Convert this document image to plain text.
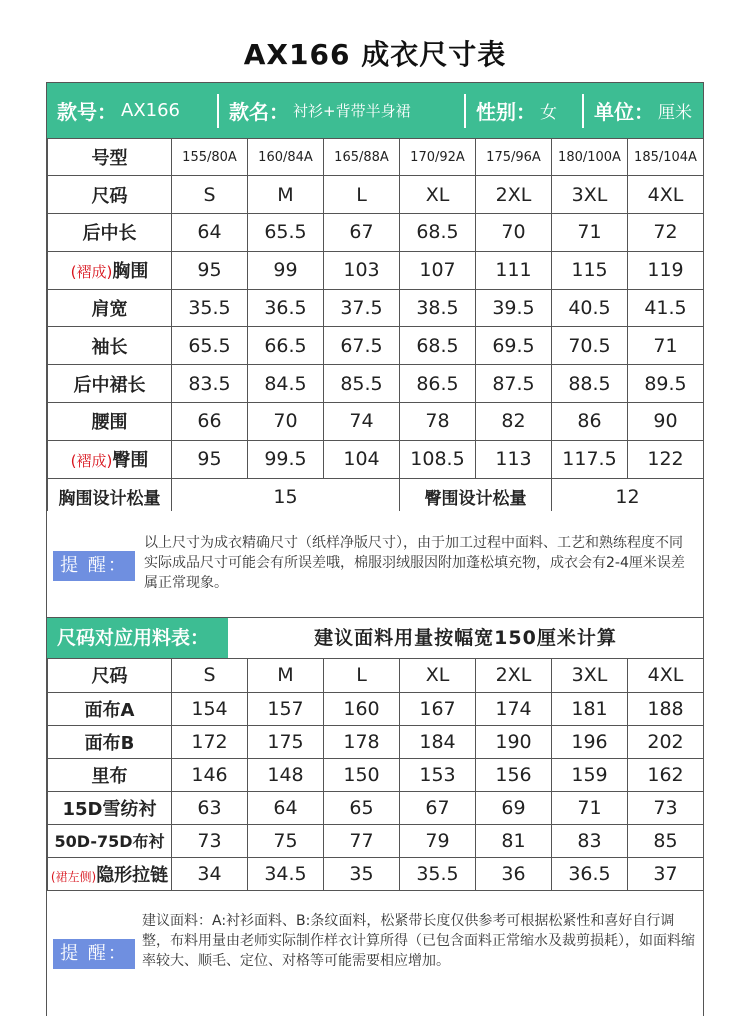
AX166 成衣尺寸表
款号： AX166 款名： 衬衫+背带半身裙	性别： 女 单位： 厘米
号型	155/80A	160/84A	165/88A	170/92A	175/96A	180/100A	185/104A
尺码	S	M	L	XL	2XL	3XL	4XL
后中长	64	65.5	67	68.5	70	71	72
(褶成)胸围	95	99	103	107	111	115	119
肩宽	35.5	36.5	37.5	38.5	39.5	40.5	41.5
袖长	65.5	66.5	67.5	68.5	69.5	70.5	71
后中裙长	83.5	84.5	85.5	86.5	87.5	88.5	89.5
腰围	66	70	74	78	82	86	90
(褶成)臀围	95	99.5	104	108.5	113	117.5	122
胸围设计松量	15			臀围设计松量		12	
提 醒：
以上尺寸为成衣精确尺寸（纸样净版尺寸），由于加工过程中面料、工艺和熟练程度不同实际成品尺寸可能会有所误差哦，棉服羽绒服因附加蓬松填充物，成衣会有2-4厘米误差属正常现象。
尺码对应用料表：	建议面料用量按幅宽150厘米计算
尺码	S	M	L	XL	2XL	3XL	4XL
面布A	154	157	160	167	174	181	188
面布B	172	175	178	184	190	196	202
里布	146	148	150	153	156	159	162
15D雪纺衬	63	64	65	67	69	71	73
50D-75D布衬	73	75	77	79	81	83	85
(裙左侧)隐形拉链	34	34.5	35	35.5	36	36.5	37
提 醒：
建议面料：A:衬衫面料、B:条纹面料，松紧带长度仅供参考可根据松紧性和喜好自行调整，布料用量由老师实际制作样衣计算所得（已包含面料正常缩水及裁剪损耗），如面料缩率较大、顺毛、定位、对格等可能需要相应增加。
